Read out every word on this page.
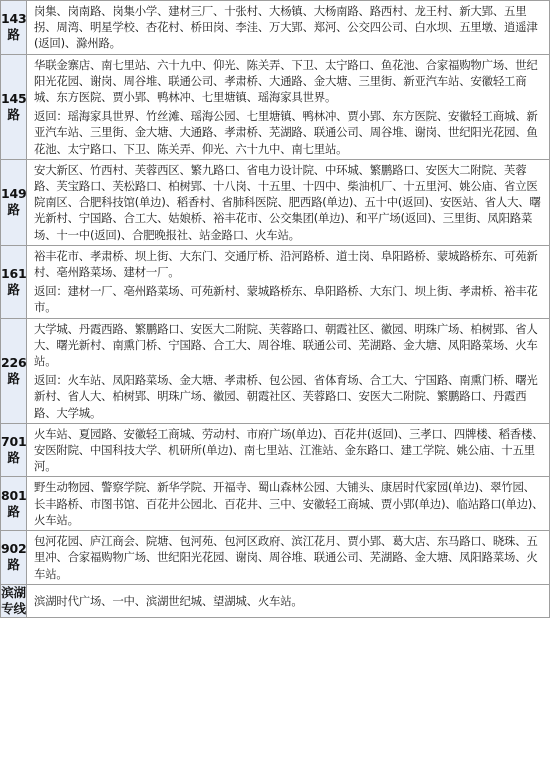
143
路	岗集、岗南路、岗集小学、建材三厂、十张村、大杨镇、大杨南路、路西村、龙王村、新大郢、五里拐、周湾、明星学校、杏花村、桥田岗、李洼、万大郢、郑河、公交四公司、白水坝、五里墩、逍遥津(返回)、滁州路。

145
路	华联金寨店、南七里站、六十九中、仰光、陈关弄、下卫、太宁路口、鱼花池、合家福购物广场、世纪阳光花园、谢岗、周谷堆、联通公司、孝肃桥、大通路、金大塘、三里街、新亚汽车站、安徽轻工商城、东方医院、贾小郢、鸭林冲、七里塘镇、瑶海家具世界。
返回：瑶海家具世界、竹丝滩、瑶海公园、七里塘镇、鸭林冲、贾小郢、东方医院、安徽轻工商城、新亚汽车站、三里街、金大塘、大通路、孝肃桥、芜湖路、联通公司、周谷堆、谢岗、世纪阳光花园、鱼花池、太宁路口、下卫、陈关弄、仰光、六十九中、南七里站。

149
路	安大新区、竹西村、芙蓉西区、繁九路口、省电力设计院、中环城、繁鹏路口、安医大二附院、芙蓉路、芙宝路口、芙松路口、柏树郢、十八岗、十五里、十四中、柴油机厂、十五里河、姚公庙、省立医院南区、合肥科技馆(单边)、稻香村、省肺科医院、肥西路(单边)、五十中(返回)、安医站、省人大、曙光新村、宁国路、合工大、姑娘桥、裕丰花市、公交集团(单边)、和平广场(返回)、三里街、凤阳路菜场、十一中(返回)、合肥晚报社、站金路口、火车站。

161
路	裕丰花市、孝肃桥、坝上街、大东门、交通厅桥、沿河路桥、道士岗、阜阳路桥、蒙城路桥东、可苑新村、亳州路菜场、建材一厂。
返回：建材一厂、亳州路菜场、可苑新村、蒙城路桥东、阜阳路桥、大东门、坝上街、孝肃桥、裕丰花市。

226
路	大学城、丹霞西路、繁鹏路口、安医大二附院、芙蓉路口、朝霞社区、徽园、明珠广场、柏树郢、省人大、曙光新村、南熏门桥、宁国路、合工大、周谷堆、联通公司、芜湖路、金大塘、凤阳路菜场、火车站。
返回：火车站、凤阳路菜场、金大塘、孝肃桥、包公园、省体育场、合工大、宁国路、南熏门桥、曙光新村、省人大、柏树郢、明珠广场、徽园、朝霞社区、芙蓉路口、安医大二附院、繁鹏路口、丹霞西路、大学城。

701
路	火车站、夏园路、安徽轻工商城、劳动村、市府广场(单边)、百花井(返回)、三孝口、四牌楼、稻香楼、安医附院、中国科技大学、机研所(单边)、南七里站、江淮站、金东路口、建工学院、姚公庙、十五里河。

801
路	野生动物园、警察学院、新华学院、开福寺、蜀山森林公园、大铺头、康居时代家园(单边)、翠竹园、长丰路桥、市图书馆、百花井公园北、百花井、三中、安徽轻工商城、贾小郢(单边)、临站路口(单边)、火车站。

902
路	包河花园、庐江商会、院塘、包河苑、包河区政府、滨江花月、贾小郢、葛大店、东马路口、晓珠、五里冲、合家福购物广场、世纪阳光花园、谢岗、周谷堆、联通公司、芜湖路、金大塘、凤阳路菜场、火车站。

滨湖
专线	滨湖时代广场、一中、滨湖世纪城、望湖城、火车站。
